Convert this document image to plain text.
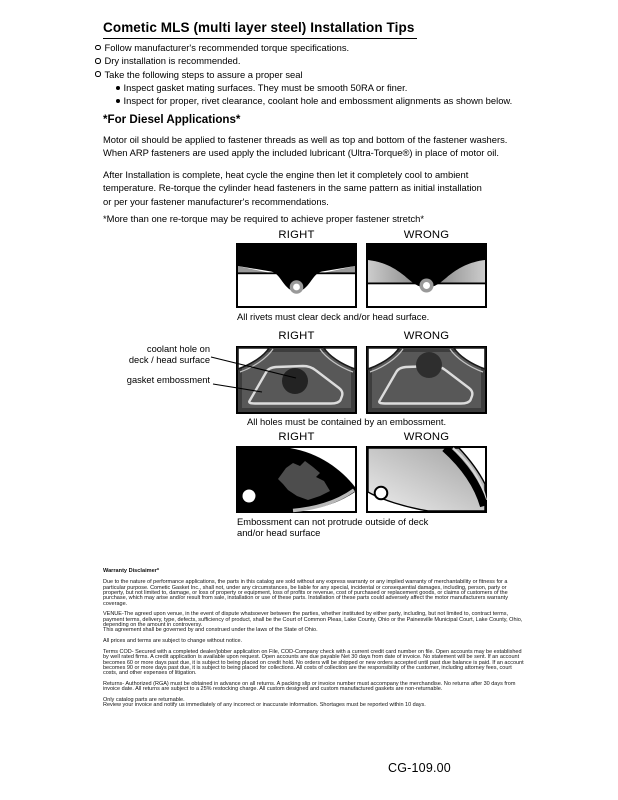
Cometic MLS (multi layer steel) Installation Tips
Follow manufacturer's recommended torque specifications.
Dry installation is recommended.
Take the following steps to assure a proper seal
Inspect gasket mating surfaces. They must be smooth 50RA or finer.
Inspect for proper, rivet clearance, coolant hole and embossment alignments as shown below.
*For Diesel Applications*
Motor oil should be applied to fastener threads as well as top and bottom of the fastener washers.
When ARP fasteners are used apply the included lubricant (Ultra-Torque®) in place of motor oil.
After Installation is complete, heat cycle the engine then let it completely cool to ambient
temperature. Re-torque the cylinder head fasteners in the same pattern as initial installation
or per your fastener manufacturer's recommendations.
*More than one re-torque may be required to achieve proper fastener stretch*
RIGHT	WRONG
All rivets must clear deck and/or head surface.
RIGHT	WRONG
coolant hole on
deck / head surface
gasket embossment
All holes must be contained by an embossment.
RIGHT	WRONG
Embossment can not protrude outside of deck
and/or head surface
Warranty Disclaimer*
Due to the nature of performance applications, the parts in this catalog are sold without any express warranty or any implied warranty of merchantability or fitness for a particular purpose. Cometic Gasket Inc., shall not, under any circumstances, be liable for any special, incidental or consequential damages, including, person, party or property, but not limited to, damage, or loss of property or equipment, loss of profits or revenue, cost of purchased or replacement goods, or claims of customers of the purchase, which may arise and/or result from sale, installation or use of these parts. Installation of these parts could adversely affect the motor manufacturers warranty coverage.
VENUE-The agreed upon venue, in the event of dispute whatsoever between the parties, whether instituted by either party, including, but not limited to, contract terms, payment terms, delivery, type, defects, sufficiency of product, shall be the Court of Common Pleas, Lake County, Ohio or the Painesville Municipal Court, Lake County, Ohio, depending on the amount in controversy.
This agreement shall be governed by and construed under the laws of the State of Ohio.
All prices and terms are subject to change without notice.
Terms COD- Secured with a completed dealer/jobber application on File, COD-Company check with a current credit card number on file. Open accounts may be established by well rated firms. A credit application is available upon request. Open accounts are due payable Net 30 days from date of invoice. No statement will be sent. If an account becomes 60 or more days past due, it is subject to being placed on credit hold. No orders will be shipped or new orders accepted until past due balance is paid. If an account becomes 90 or more days past due, it is subject to being placed for collections. All costs of collection are the responsibility of the customer, including attorney fees, court costs, and other expenses of litigation.
Returns- Authorized (RGA) must be obtained in advance on all returns. A packing slip or invoice number must accompany the merchandise. No returns after 30 days from invoice date. All returns are subject to a 25% restocking charge. All custom designed and custom manufactured gaskets are non-returnable.
Only catalog parts are returnable.
Review your invoice and notify us immediately of any incorrect or inaccurate information. Shortages must be reported within 10 days.
CG-109.00
